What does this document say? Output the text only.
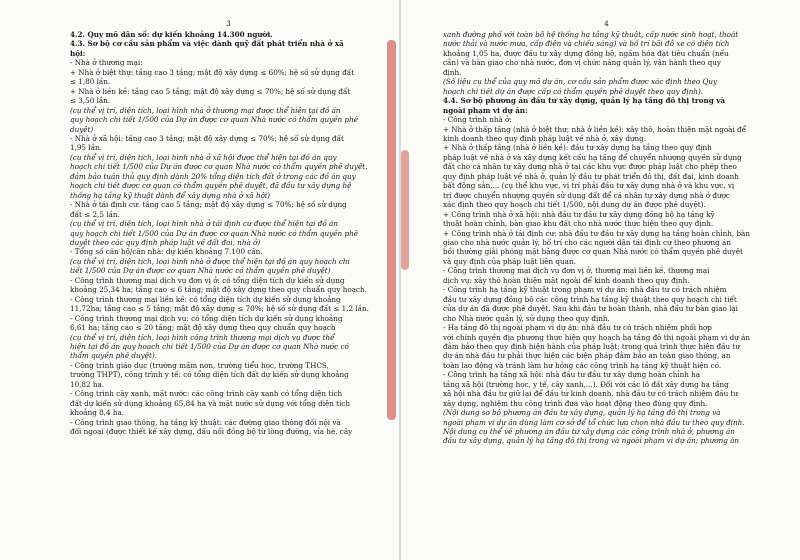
3
4.2. Quy mô dân số: dự kiến khoảng 14.300 người.
4.3. Sơ bộ cơ cấu sản phẩm và việc dành quỹ đất phát triển nhà ở xã
hội:
- Nhà ở thương mại:
+ Nhà ở biệt thự: tầng cao 3 tầng; mật độ xây dựng ≤ 60%; hệ số sử dụng đất
≤ 1,80 lần.
+ Nhà ở liền kề: tầng cao 5 tầng; mật độ xây dựng ≤ 70%; hệ số sử dụng đất
≤ 3,50 lần.
(cụ thể vị trí, diện tích, loại hình nhà ở thương mại được thể hiện tại đồ án
quy hoạch chi tiết 1/500 của Dự án được cơ quan Nhà nước có thẩm quyền phê
duyệt)
- Nhà ở xã hội: tầng cao 3 tầng; mật độ xây dựng ≤ 70%; hệ số sử dụng đất
1,95 lần.
(cụ thể vị trí, diện tích, loại hình nhà ở xã hội được thể hiện tại đồ án quy
hoạch chi tiết 1/500 của Dự án được cơ quan Nhà nước có thẩm quyền phê duyệt,
đảm bảo tuân thủ quy định dành 20% tổng diện tích đất ở trong các đồ án quy
hoạch chi tiết được cơ quan có thẩm quyền phê duyệt, đã đầu tư xây dựng hệ
thống hạ tầng kỹ thuật dành để xây dựng nhà ở xã hội)
- Nhà ở tái định cư: tầng cao 5 tầng; mật độ xây dựng ≤ 70%; hệ số sử dụng
đất ≤ 2,5 lần.
(cụ thể vị trí, diện tích, loại hình nhà ở tái định cư được thể hiện tại đồ án
quy hoạch chi tiết 1/500 của Dự án được cơ quan Nhà nước có thẩm quyền phê
duyệt theo các quy định pháp luật về đất đai, nhà ở)
- Tổng số căn hộ/căn nhà: dự kiến khoảng 7.100 căn.
(cụ thể vị trí, diện tích, loại hình nhà ở được thể hiện tại đồ án quy hoạch chi
tiết 1/500 của Dự án được cơ quan Nhà nước có thẩm quyền phê duyệt)
- Công trình thương mại dịch vụ đơn vị ở: có tổng diện tích dự kiến sử dụng
khoảng 25,34 ha; tầng cao ≤ 6 tầng; mật độ xây dựng theo quy chuẩn quy hoạch.
- Công trình thương mại liền kề: có tổng diện tích dự kiến sử dụng khoảng
11,72ha; tầng cao ≤ 5 tầng; mật độ xây dựng ≤ 70%; hệ số sử dụng đất ≤ 1,2 lần.
- Công trình thương mại dịch vụ: có tổng diện tích dự kiến sử dụng khoảng
6,61 ha; tầng cao ≤ 20 tầng; mật độ xây dựng theo quy chuẩn quy hoạch
(cụ thể vị trí, diện tích, loại hình công trình thương mại dịch vụ được thể
hiện tại đồ án quy hoạch chi tiết 1/500 của Dự án được cơ quan Nhà nước có
thẩm quyền phê duyệt).
- Công trình giáo dục (trường mầm non, trường tiểu học, trường THCS,
trường THPT), công trình y tế: có tổng diện tích đất dự kiến sử dụng khoảng
10,82 ha.
- Công trình cây xanh, mặt nước: các công trình cây xanh có tổng diện tích
đất dự kiến sử dụng khoảng 65,84 ha và mặt nước sử dụng với tổng diện tích
khoảng 8,4 ha.
- Công trình giao thông, hạ tầng kỹ thuật: các đường giao thông đối nội và
đối ngoại (được thiết kế xây dựng, đấu nối đồng bộ từ lòng đường, vỉa hè, cây
4
xanh đường phố với toàn bộ hệ thống hạ tầng kỹ thuật, cấp nước sinh hoạt, thoát
nước thải và nước mưa, cấp điện và chiếu sáng) và bố trí bãi đỗ xe có diện tích
khoảng 1,05 ha, được đầu tư xây dựng đồng bộ, ngầm hóa đạt tiêu chuẩn (nếu
cần) và bàn giao cho nhà nước, đơn vị chức năng quản lý, vận hành theo quy
định.
(Số liệu cụ thể của quy mô dự án, cơ cấu sản phẩm được xác định theo Quy
hoạch chi tiết dự án được cấp có thẩm quyền phê duyệt theo quy định).
4.4. Sơ bộ phương án đầu tư xây dựng, quản lý hạ tầng đô thị trong và
ngoài phạm vi dự án:
- Công trình nhà ở:
+ Nhà ở thấp tầng (nhà ở biệt thự; nhà ở liền kề): xây thô, hoàn thiện mặt ngoài để
kinh doanh theo quy định pháp luật về nhà ở, xây dựng.
+ Nhà ở thấp tầng (nhà ở liền kề): đầu tư xây dựng hạ tầng theo quy định
pháp luật về nhà ở và xây dựng kết cấu hạ tầng để chuyển nhượng quyền sử dụng
đất cho cá nhân tự xây dựng nhà ở tại các khu vực được pháp luật cho phép theo
quy định pháp luật về nhà ở, quản lý đầu tư phát triển đô thị, đất đai, kinh doanh
bất động sản,... (cụ thể khu vực, vị trí phải đầu tư xây dựng nhà ở và khu vực, vị
trí được chuyển nhượng quyền sử dụng đất để cá nhân tự xây dựng nhà ở được
xác định theo quy hoạch chi tiết 1/500, nội dung dự án được phê duyệt).
+ Công trình nhà ở xã hội: nhà đầu tư đầu tư xây dựng đồng bộ hạ tầng kỹ
thuật hoàn chỉnh, bàn giao khu đất cho nhà nước thực hiện theo quy định.
+ Công trình nhà ở tái định cư: nhà đầu tư đầu tư xây dựng hạ tầng hoàn chỉnh, bàn
giao cho nhà nước quản lý, bố trí cho các người dân tái định cư theo phương án
bồi thường giải phóng mặt bằng được cơ quan Nhà nước có thẩm quyền phê duyệt
và quy định của pháp luật liên quan.
- Công trình thương mại dịch vụ đơn vị ở, thương mại liền kề, thương mại
dịch vụ: xây thô hoàn thiện mặt ngoài để kinh doanh theo quy định.
- Công trình hạ tầng kỹ thuật trong phạm vi dự án: nhà đầu tư có trách nhiệm
đầu tư xây dựng đồng bộ các công trình hạ tầng kỹ thuật theo quy hoạch chi tiết
của dự án đã được phê duyệt. Sau khi đầu tư hoàn thành, nhà đầu tư bàn giao lại
cho Nhà nước quản lý, sử dụng theo quy định.
- Hạ tầng đô thị ngoài phạm vi dự án: nhà đầu tư có trách nhiệm phối hợp
với chính quyền địa phương thực hiện quy hoạch hạ tầng đô thị ngoài phạm vi dự án
đảm bảo theo quy định hiện hành của pháp luật; trong quá trình thực hiện đầu tư
dự án nhà đầu tư phải thực hiện các biện pháp đảm bảo an toàn giao thông, an
toàn lao động và tránh làm hư hỏng các công trình hạ tầng kỹ thuật hiện có.
- Công trình hạ tầng xã hội: nhà đầu tư đầu tư xây dựng hoàn chỉnh hạ
tầng xã hội (trường học, y tế, cây xanh,...). Đối với các lô đất xây dựng hạ tầng
xã hội nhà đầu tư giữ lại để đầu tư kinh doanh, nhà đầu tư có trách nhiệm đầu tư
xây dựng, nghiệm thu công trình đưa vào hoạt động theo đúng quy định.
(Nội dung sơ bộ phương án đầu tư xây dựng, quản lý hạ tầng đô thị trong và
ngoài phạm vi dự án dùng làm cơ sở để tổ chức lựa chọn nhà đầu tư theo quy định.
Nội dung cụ thể về phương án đầu tư xây dựng các công trình nhà ở, phương án
đầu tư xây dựng, quản lý hạ tầng đô thị trong và ngoài phạm vi dự án; phương án
